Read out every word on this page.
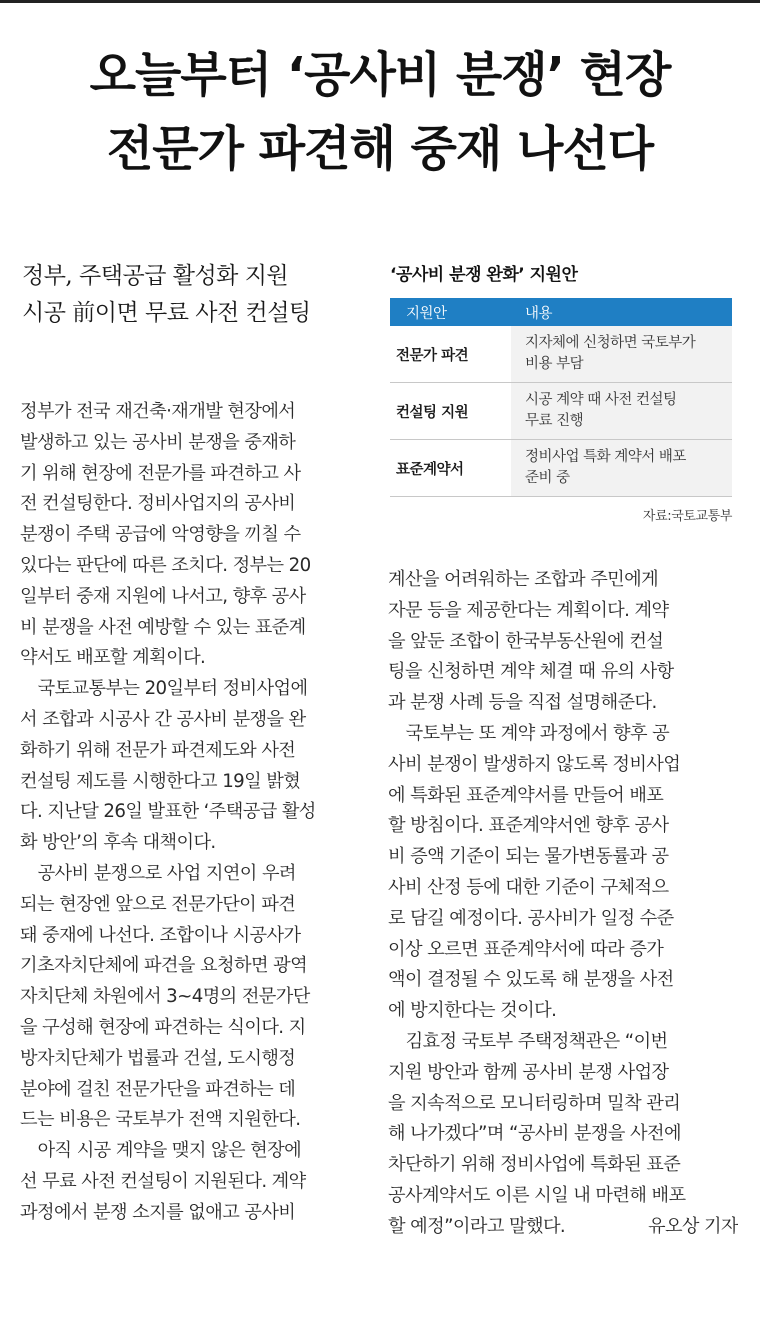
오늘부터 ‘공사비 분쟁’ 현장
전문가 파견해 중재 나선다
정부, 주택공급 활성화 지원
시공 前이면 무료 사전 컨설팅
‘공사비 분쟁 완화’ 지원안
지원안	내용
전문가 파견	지자체에 신청하면 국토부가
비용 부담

컨설팅 지원	시공 계약 때 사전 컨설팅
무료 진행

표준계약서	정비사업 특화 계약서 배포
준비 중
자료:국토교통부
정부가 전국 재건축·재개발 현장에서
발생하고 있는 공사비 분쟁을 중재하
기 위해 현장에 전문가를 파견하고 사
전 컨설팅한다. 정비사업지의 공사비
분쟁이 주택 공급에 악영향을 끼칠 수
있다는 판단에 따른 조치다. 정부는 20
일부터 중재 지원에 나서고, 향후 공사
비 분쟁을 사전 예방할 수 있는 표준계
약서도 배포할 계획이다.
　국토교통부는 20일부터 정비사업에
서 조합과 시공사 간 공사비 분쟁을 완
화하기 위해 전문가 파견제도와 사전
컨설팅 제도를 시행한다고 19일 밝혔
다. 지난달 26일 발표한 ‘주택공급 활성
화 방안’의 후속 대책이다.
　공사비 분쟁으로 사업 지연이 우려
되는 현장엔 앞으로 전문가단이 파견
돼 중재에 나선다. 조합이나 시공사가
기초자치단체에 파견을 요청하면 광역
자치단체 차원에서 3~4명의 전문가단
을 구성해 현장에 파견하는 식이다. 지
방자치단체가 법률과 건설, 도시행정
분야에 걸친 전문가단을 파견하는 데
드는 비용은 국토부가 전액 지원한다.
　아직 시공 계약을 맺지 않은 현장에
선 무료 사전 컨설팅이 지원된다. 계약
과정에서 분쟁 소지를 없애고 공사비
계산을 어려워하는 조합과 주민에게
자문 등을 제공한다는 계획이다. 계약
을 앞둔 조합이 한국부동산원에 컨설
팅을 신청하면 계약 체결 때 유의 사항
과 분쟁 사례 등을 직접 설명해준다.
　국토부는 또 계약 과정에서 향후 공
사비 분쟁이 발생하지 않도록 정비사업
에 특화된 표준계약서를 만들어 배포
할 방침이다. 표준계약서엔 향후 공사
비 증액 기준이 되는 물가변동률과 공
사비 산정 등에 대한 기준이 구체적으
로 담길 예정이다. 공사비가 일정 수준
이상 오르면 표준계약서에 따라 증가
액이 결정될 수 있도록 해 분쟁을 사전
에 방지한다는 것이다.
　김효정 국토부 주택정책관은 “이번
지원 방안과 함께 공사비 분쟁 사업장
을 지속적으로 모니터링하며 밀착 관리
해 나가겠다”며 “공사비 분쟁을 사전에
차단하기 위해 정비사업에 특화된 표준
공사계약서도 이른 시일 내 마련해 배포
할 예정”이라고 말했다.	유오상 기자
